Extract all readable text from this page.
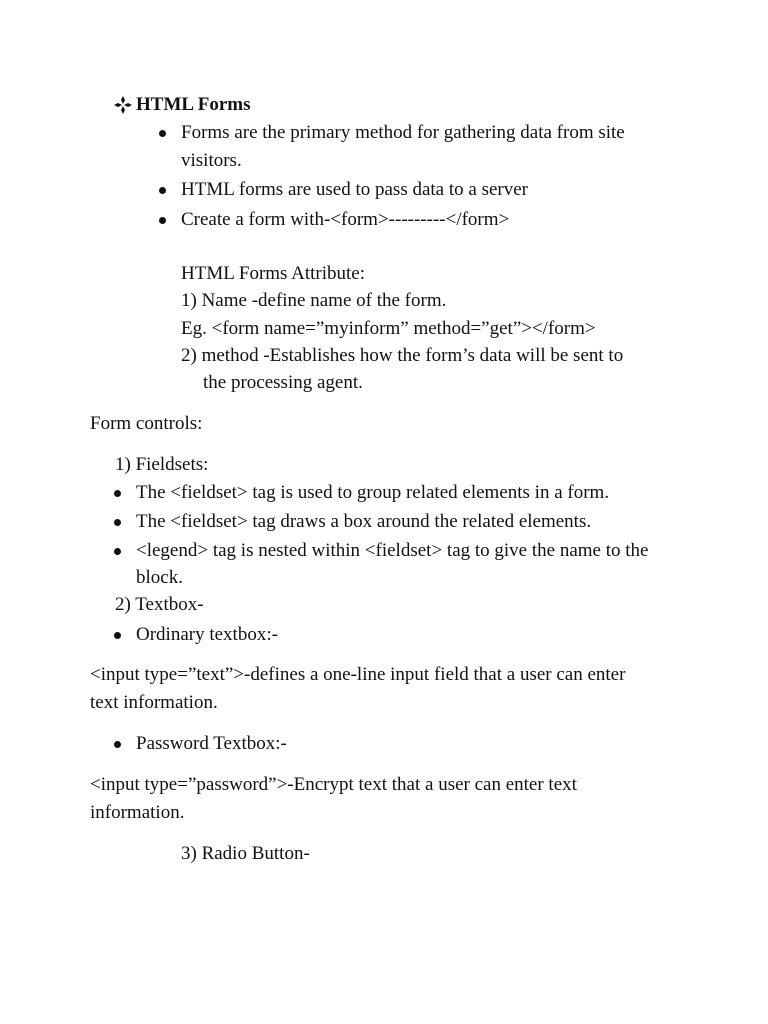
HTML Forms
Forms are the primary method for gathering data from site
visitors.
HTML forms are used to pass data to a server
Create a form with-<form>---------</form>
HTML Forms Attribute:
1) Name -define name of the form.
Eg. <form name=”myinform” method=”get”></form>
2) method -Establishes how the form’s data will be sent to
the processing agent.
Form controls:
1) Fieldsets:
The <fieldset> tag is used to group related elements in a form.
The <fieldset> tag draws a box around the related elements.
<legend> tag is nested within <fieldset> tag to give the name to the
block.
2) Textbox-
Ordinary textbox:-
<input type=”text”>-defines a one-line input field that a user can enter
text information.
Password Textbox:-
<input type=”password”>-Encrypt text that a user can enter text
information.
3) Radio Button-
